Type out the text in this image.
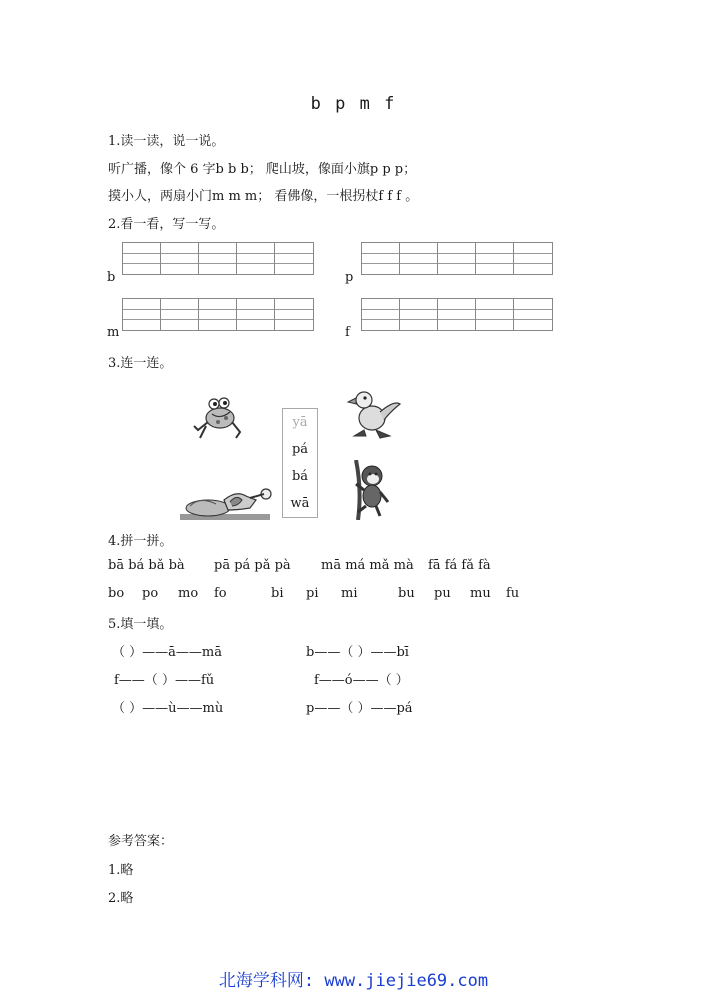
b p m f
1.读一读，说一说。
听广播，像个 6 字b b b； 爬山坡，像面小旗p p p；
摸小人，两扇小门m m m； 看佛像，一根拐杖f f f 。
2.看一看，写一写。
b	p
m	f
3.连一连。
yā
pá
bá
wā
4.拼一拼。
bā bá bǎ bà pā pá pǎ pà mā má mǎ mà fā fá fǎ fà
bo po mo fo	bi pi mi	bu pu mu fu
5.填一填。
（ ）——ā——mā	b——（ ）——bī
f——（ ）——fǔ	f——ó——（ ）
（ ）——ù——mù	p——（ ）——pá
参考答案：
1.略
2.略
北海学科网: www.jiejie69.com
